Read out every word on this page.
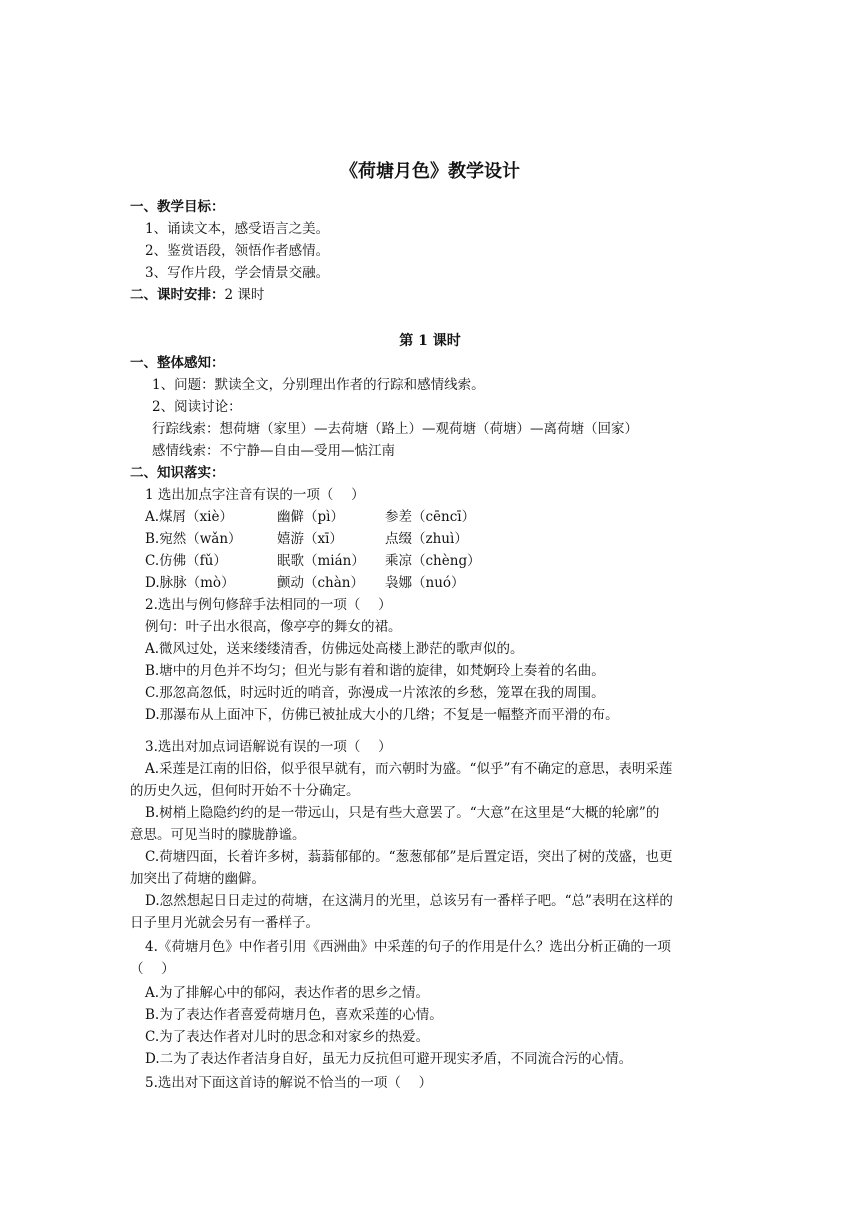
《荷塘月色》教学设计
一、教学目标：
1、诵读文本，感受语言之美。
2、鉴赏语段，领悟作者感情。
3、写作片段，学会情景交融。
二、课时安排：2 课时
第 1 课时
一、整体感知：
1、问题：默读全文，分别理出作者的行踪和感情线索。
2、阅读讨论：
行踪线索：想荷塘（家里）—去荷塘（路上）—观荷塘（荷塘）—离荷塘（回家）
感情线索：不宁静—自由—受用—惦江南
二、知识落实：
1 选出加点字注音有误的一项（　 ）
A.煤屑（xiè）	幽僻（pì）	参差（cēncī）
B.宛然（wǎn）	嬉游（xī）	点缀（zhuì）
C.仿佛（fǔ）	眠歌（mián） 乘凉（chèng）
D.脉脉（mò）	颤动（chàn） 袅娜（nuó）
2.选出与例句修辞手法相同的一项（　 ）
例句：叶子出水很高，像亭亭的舞女的裙。
A.微风过处，送来缕缕清香，仿佛远处高楼上渺茫的歌声似的。
B.塘中的月色并不均匀；但光与影有着和谐的旋律，如梵婀玲上奏着的名曲。
C.那忽高忽低，时远时近的哨音，弥漫成一片浓浓的乡愁，笼罩在我的周围。
D.那瀑布从上面冲下，仿佛已被扯成大小的几绺；不复是一幅整齐而平滑的布。
3.选出对加点词语解说有误的一项（　 ）
A.采莲是江南的旧俗，似乎很早就有，而六朝时为盛。“似乎”有不确定的意思，表明采莲
的历史久远，但何时开始不十分确定。
B.树梢上隐隐约约的是一带远山，只是有些大意罢了。“大意”在这里是“大概的轮廓”的
意思。可见当时的朦胧静谧。
C.荷塘四面，长着许多树，蓊蓊郁郁的。“葱葱郁郁”是后置定语，突出了树的茂盛，也更
加突出了荷塘的幽僻。
D.忽然想起日日走过的荷塘，在这满月的光里，总该另有一番样子吧。“总”表明在这样的
日子里月光就会另有一番样子。
4.《荷塘月色》中作者引用《西洲曲》中采莲的句子的作用是什么？选出分析正确的一项
（　 ）
A.为了排解心中的郁闷，表达作者的思乡之情。
B.为了表达作者喜爱荷塘月色，喜欢采莲的心情。
C.为了表达作者对儿时的思念和对家乡的热爱。
D.二为了表达作者洁身自好，虽无力反抗但可避开现实矛盾，不同流合污的心情。
5.选出对下面这首诗的解说不恰当的一项（　 ）
